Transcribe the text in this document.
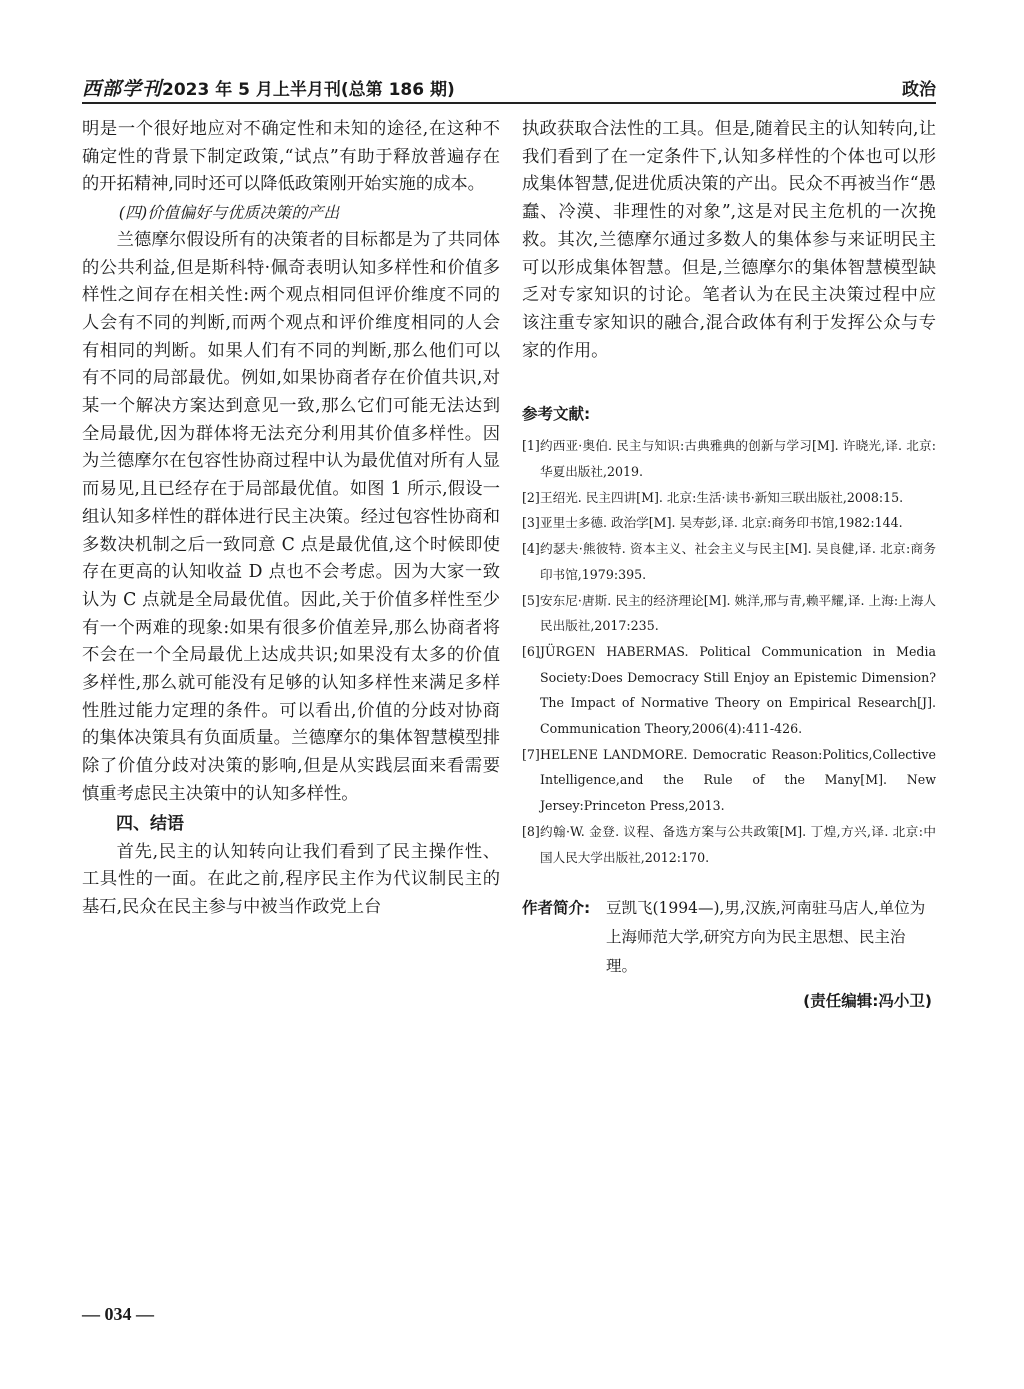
西部学刊 2023 年 5 月上半月刊(总第 186 期)	政治

明是一个很好地应对不确定性和未知的途径,在这种不确定性的背景下制定政策,“试点”有助于释放普遍存在的开拓精神,同时还可以降低政策刚开始实施的成本。

(四)价值偏好与优质决策的产出

兰德摩尔假设所有的决策者的目标都是为了共同体的公共利益,但是斯科特·佩奇表明认知多样性和价值多样性之间存在相关性:两个观点相同但评价维度不同的人会有不同的判断,而两个观点和评价维度相同的人会有相同的判断。如果人们有不同的判断,那么他们可以有不同的局部最优。例如,如果协商者存在价值共识,对某一个解决方案达到意见一致,那么它们可能无法达到全局最优,因为群体将无法充分利用其价值多样性。因为兰德摩尔在包容性协商过程中认为最优值对所有人显而易见,且已经存在于局部最优值。如图 1 所示,假设一组认知多样性的群体进行民主决策。经过包容性协商和多数决机制之后一致同意 C 点是最优值,这个时候即使存在更高的认知收益 D 点也不会考虑。因为大家一致认为 C 点就是全局最优值。因此,关于价值多样性至少有一个两难的现象:如果有很多价值差异,那么协商者将不会在一个全局最优上达成共识;如果没有太多的价值多样性,那么就可能没有足够的认知多样性来满足多样性胜过能力定理的条件。可以看出,价值的分歧对协商的集体决策具有负面质量。兰德摩尔的集体智慧模型排除了价值分歧对决策的影响,但是从实践层面来看需要慎重考虑民主决策中的认知多样性。

四、结语

首先,民主的认知转向让我们看到了民主操作性、工具性的一面。在此之前,程序民主作为代议制民主的基石,民众在民主参与中被当作政党上台

执政获取合法性的工具。但是,随着民主的认知转向,让我们看到了在一定条件下,认知多样性的个体也可以形成集体智慧,促进优质决策的产出。民众不再被当作“愚蠢、冷漠、非理性的对象”,这是对民主危机的一次挽救。其次,兰德摩尔通过多数人的集体参与来证明民主可以形成集体智慧。但是,兰德摩尔的集体智慧模型缺乏对专家知识的讨论。笔者认为在民主决策过程中应该注重专家知识的融合,混合政体有利于发挥公众与专家的作用。

参考文献:

[1] 约西亚·奥伯. 民主与知识:古典雅典的创新与学习[M]. 许晓光,译. 北京:华夏出版社,2019.
[2] 王绍光. 民主四讲[M]. 北京:生活·读书·新知三联出版社,2008:15.
[3] 亚里士多德. 政治学[M]. 吴寿彭,译. 北京:商务印书馆,1982:144.
[4] 约瑟夫·熊彼特. 资本主义、社会主义与民主[M]. 吴良健,译. 北京:商务印书馆,1979:395.
[5] 安东尼·唐斯. 民主的经济理论[M]. 姚洋,邢与青,赖平耀,译. 上海:上海人民出版社,2017:235.
[6] JÜRGEN HABERMAS. Political Communication in Media Society:Does Democracy Still Enjoy an Epistemic Dimension? The Impact of Normative Theory on Empirical Research[J]. Communication Theory,2006(4):411-426.
[7] HELENE LANDMORE. Democratic Reason:Politics,Collective Intelligence,and the Rule of the Many[M]. New Jersey:Princeton Press,2013.
[8] 约翰·W. 金登. 议程、备选方案与公共政策[M]. 丁煌,方兴,译. 北京:中国人民大学出版社,2012:170.
作者简介: 豆凯飞(1994—),男,汉族,河南驻马店人,单位为上海师范大学,研究方向为民主思想、民主治理。
(责任编辑:冯小卫)
— 034 —
